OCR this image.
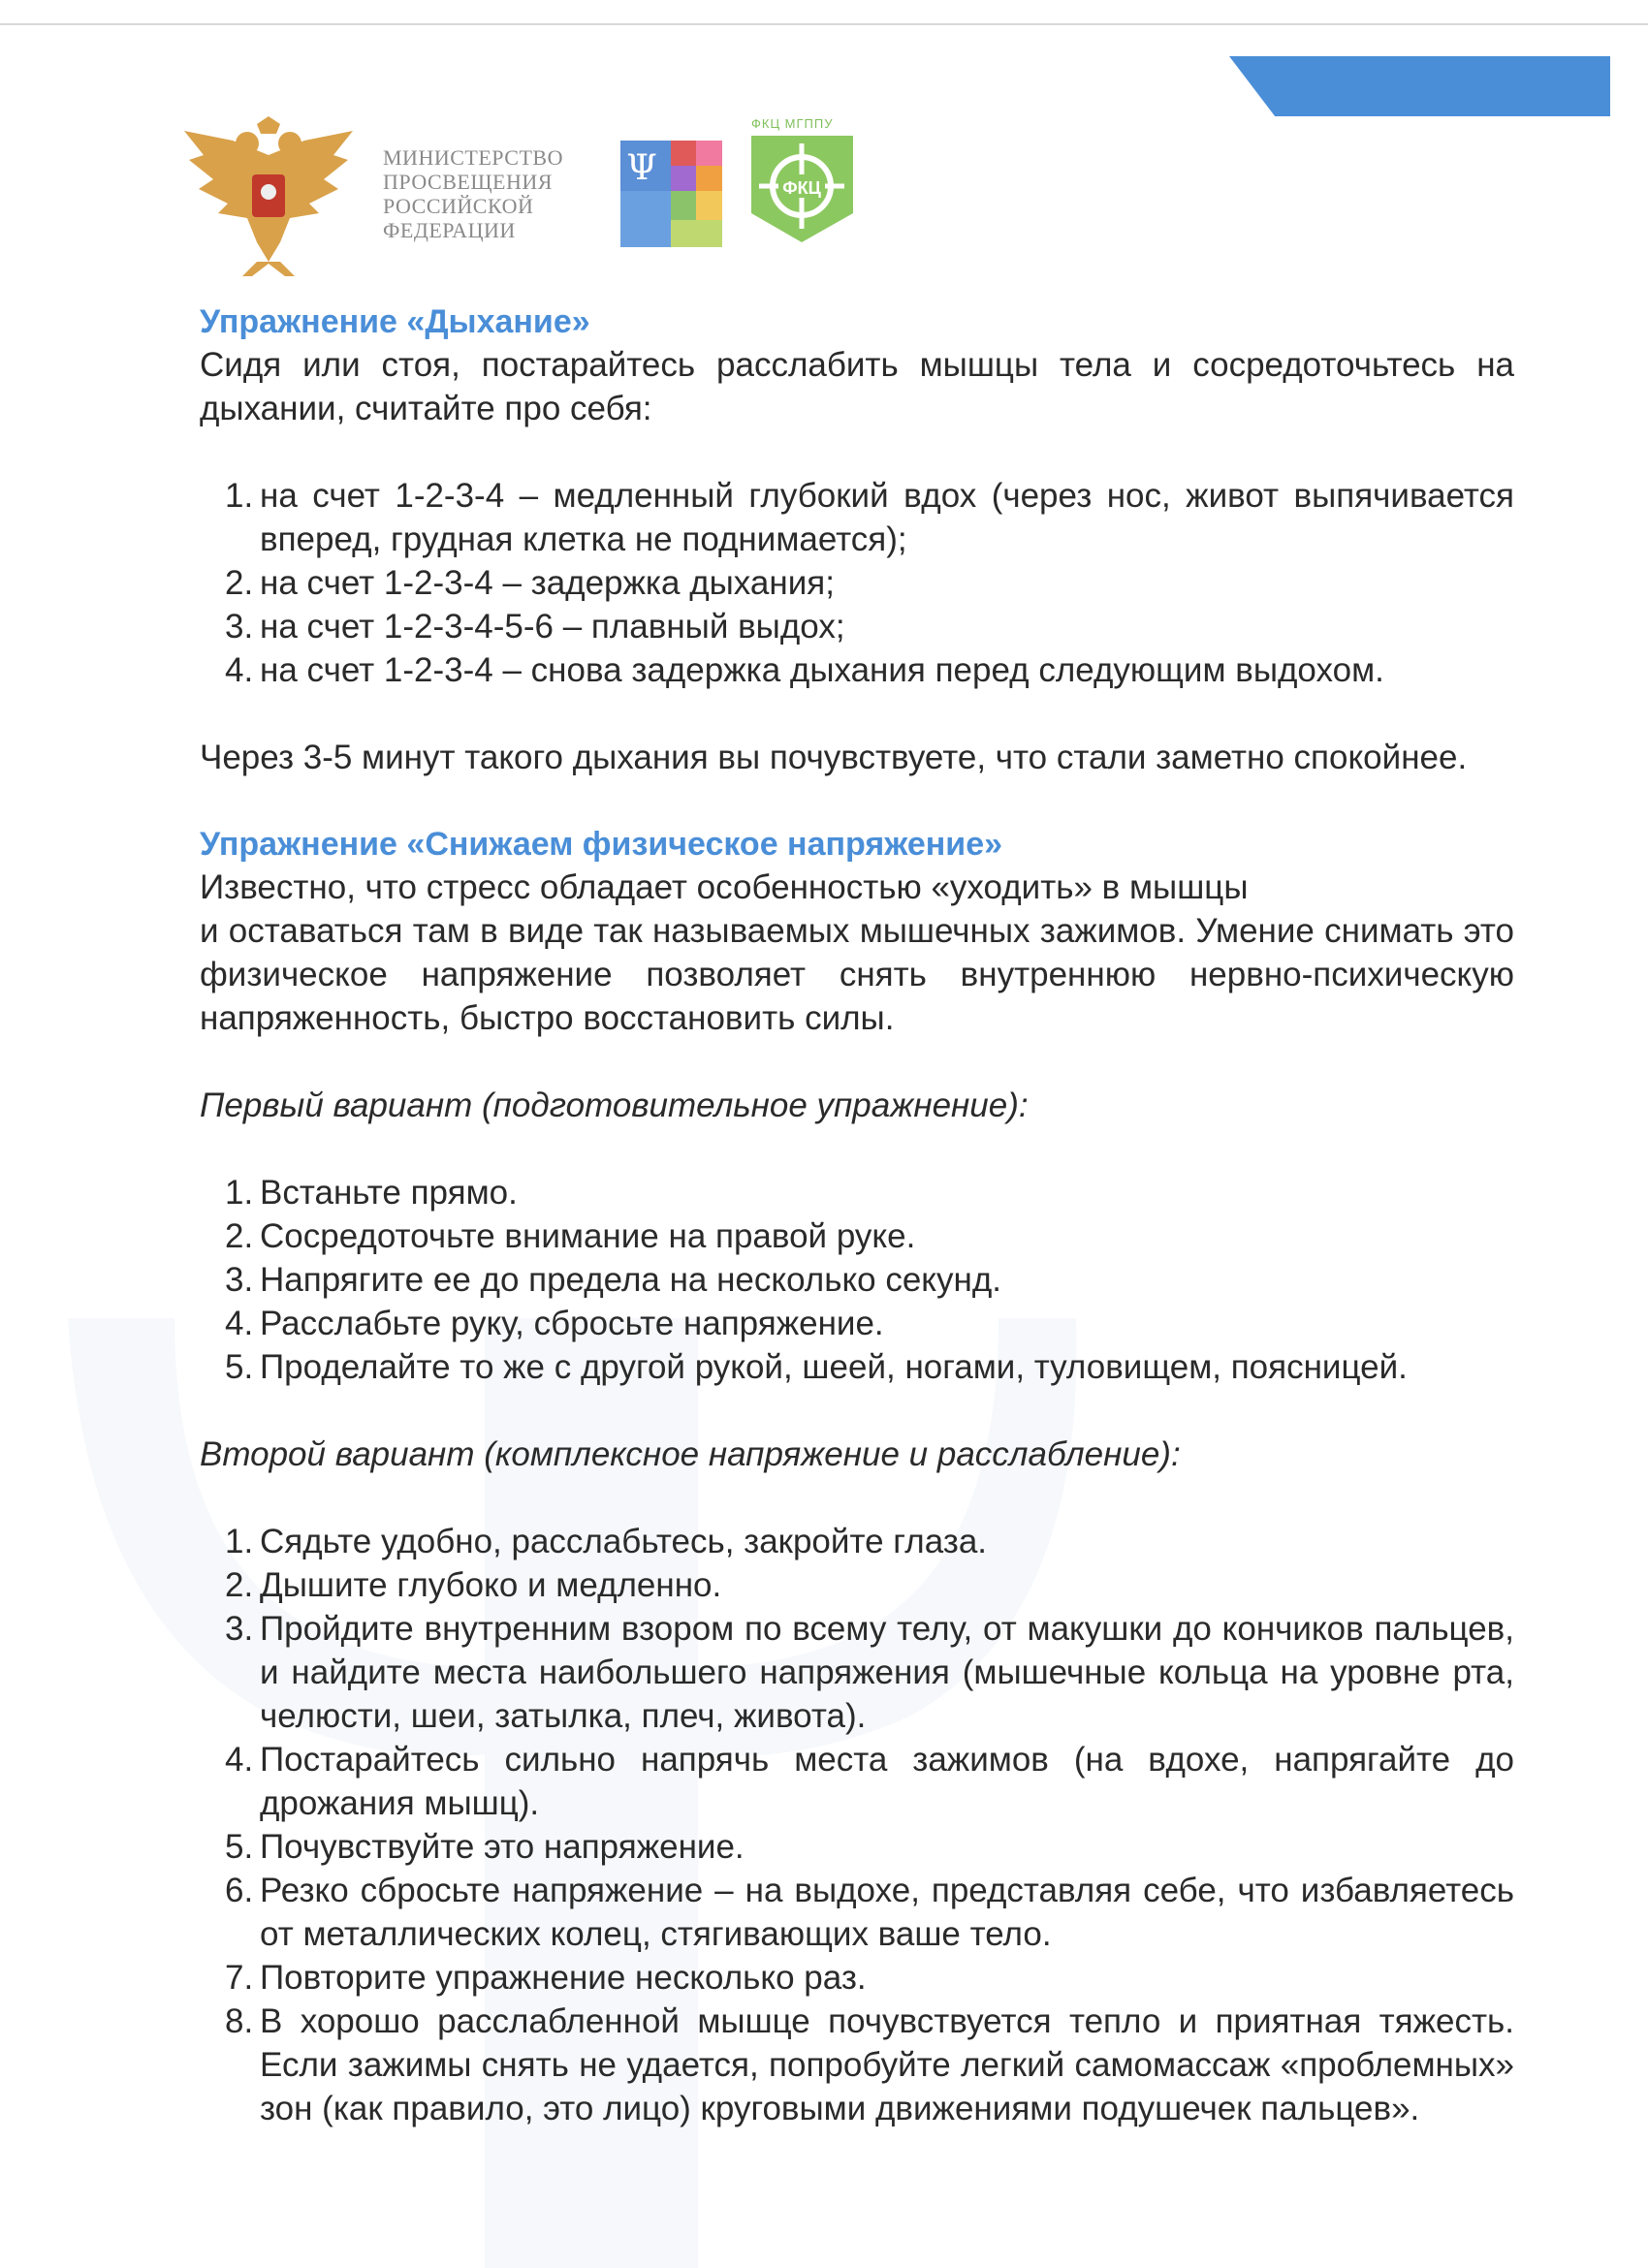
МИНИСТЕРСТВО
ПРОСВЕЩЕНИЯ
РОССИЙСКОЙ
ФЕДЕРАЦИИ
Ψ
ФКЦ МГППУ
ФКЦ

Упражнение «Дыхание»

Сидя или стоя, постарайтесь расслабить мышцы тела и сосредоточьтесь на дыхании, считайте про себя:

1. на счет 1-2-3-4 – медленный глубокий вдох (через нос, живот выпячивается вперед, грудная клетка не поднимается);
2. на счет 1-2-3-4 – задержка дыхания;
3. на счет 1-2-3-4-5-6 – плавный выдох;
4. на счет 1-2-3-4 – снова задержка дыхания перед следующим выдохом.

Через 3-5 минут такого дыхания вы почувствуете, что стали заметно спокойнее.

Упражнение «Снижаем физическое напряжение»

Известно, что стресс обладает особенностью «уходить» в мышцы

и оставаться там в виде так называемых мышечных зажимов. Умение снимать это физическое напряжение позволяет снять внутреннюю нервно-психическую напряженность, быстро восстановить силы.

Первый вариант (подготовительное упражнение):

1. Встаньте прямо.
2. Сосредоточьте внимание на правой руке.
3. Напрягите ее до предела на несколько секунд.
4. Расслабьте руку, сбросьте напряжение.
5. Проделайте то же с другой рукой, шеей, ногами, туловищем, поясницей.

Второй вариант (комплексное напряжение и расслабление):

1. Сядьте удобно, расслабьтесь, закройте глаза.
2. Дышите глубоко и медленно.
3. Пройдите внутренним взором по всему телу, от макушки до кончиков пальцев, и найдите места наибольшего напряжения (мышечные кольца на уровне рта, челюсти, шеи, затылка, плеч, живота).
4. Постарайтесь сильно напрячь места зажимов (на вдохе, напрягайте до дрожания мышц).
5. Почувствуйте это напряжение.
6. Резко сбросьте напряжение – на выдохе, представляя себе, что избавляетесь от металлических колец, стягивающих ваше тело.
7. Повторите упражнение несколько раз.
8. В хорошо расслабленной мышце почувствуется тепло и приятная тяжесть. Если зажимы снять не удается, попробуйте легкий самомассаж «проблемных» зон (как правило, это лицо) круговыми движениями подушечек пальцев».
